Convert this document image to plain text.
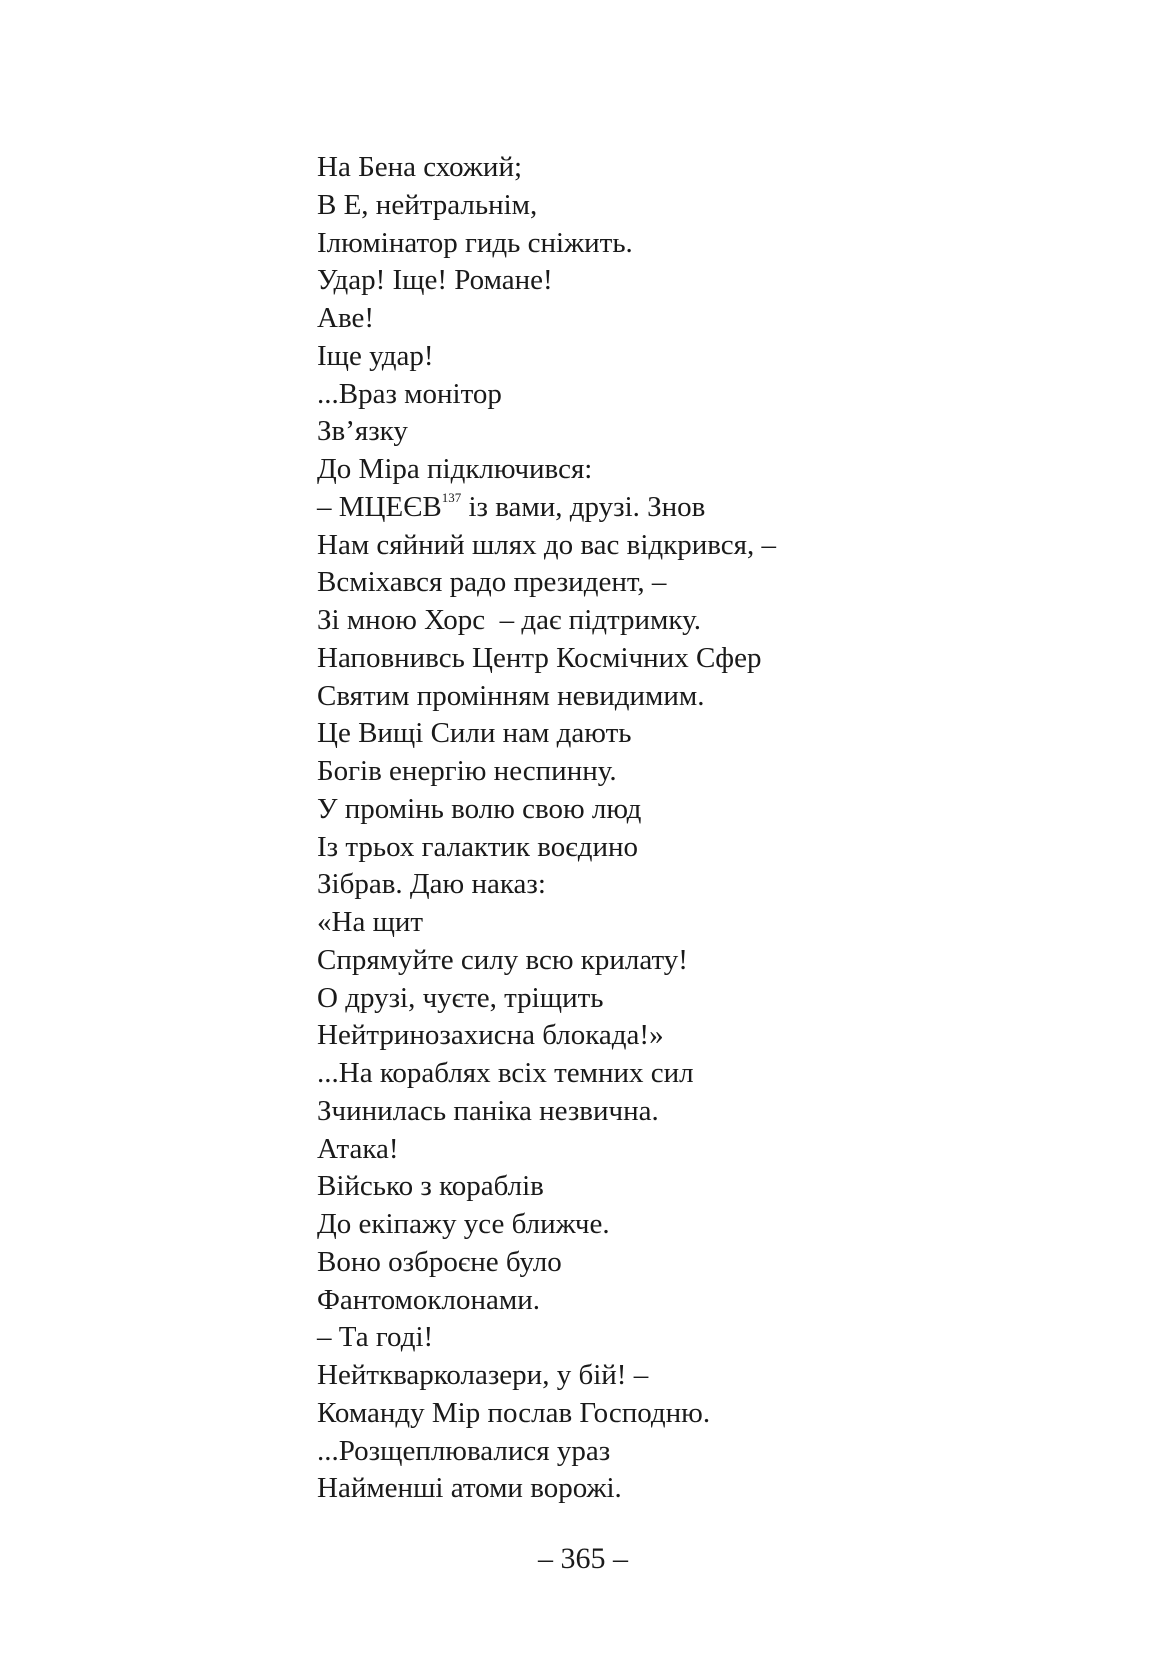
На Бена схожий;
В Е, нейтральнім,
Ілюмінатор гидь сніжить.
Удар! Іще! Романе!
Аве!
Іще удар!
...Враз монітор
Зв’язку
До Міра підключився:
– МЦЕЄВ$^{137}$ із вами, друзі. Знов
Нам сяйний шлях до вас відкрився, –
Всміхався радо президент, –
Зі мною Хорс  – дає підтримку.
Наповнивсь Центр Космічних Сфер
Святим промінням невидимим.
Це Вищі Сили нам дають
Богів енергію неспинну.
У промінь волю свою люд
Із трьох галактик воєдино
Зібрав. Даю наказ:
«На щит
Спрямуйте силу всю крилату!
О друзі, чуєте, тріщить
Нейтринозахисна блокада!»
...На кораблях всіх темних сил
Зчинилась паніка незвична.
Атака!
Військо з кораблів
До екіпажу усе ближче.
Воно озброєне було
Фантомоклонами.
– Та годі!
Нейткварколазери, у бій! –
Команду Мір послав Господню.
...Розщеплювалися ураз
Найменші атоми ворожі.
– 365 –
